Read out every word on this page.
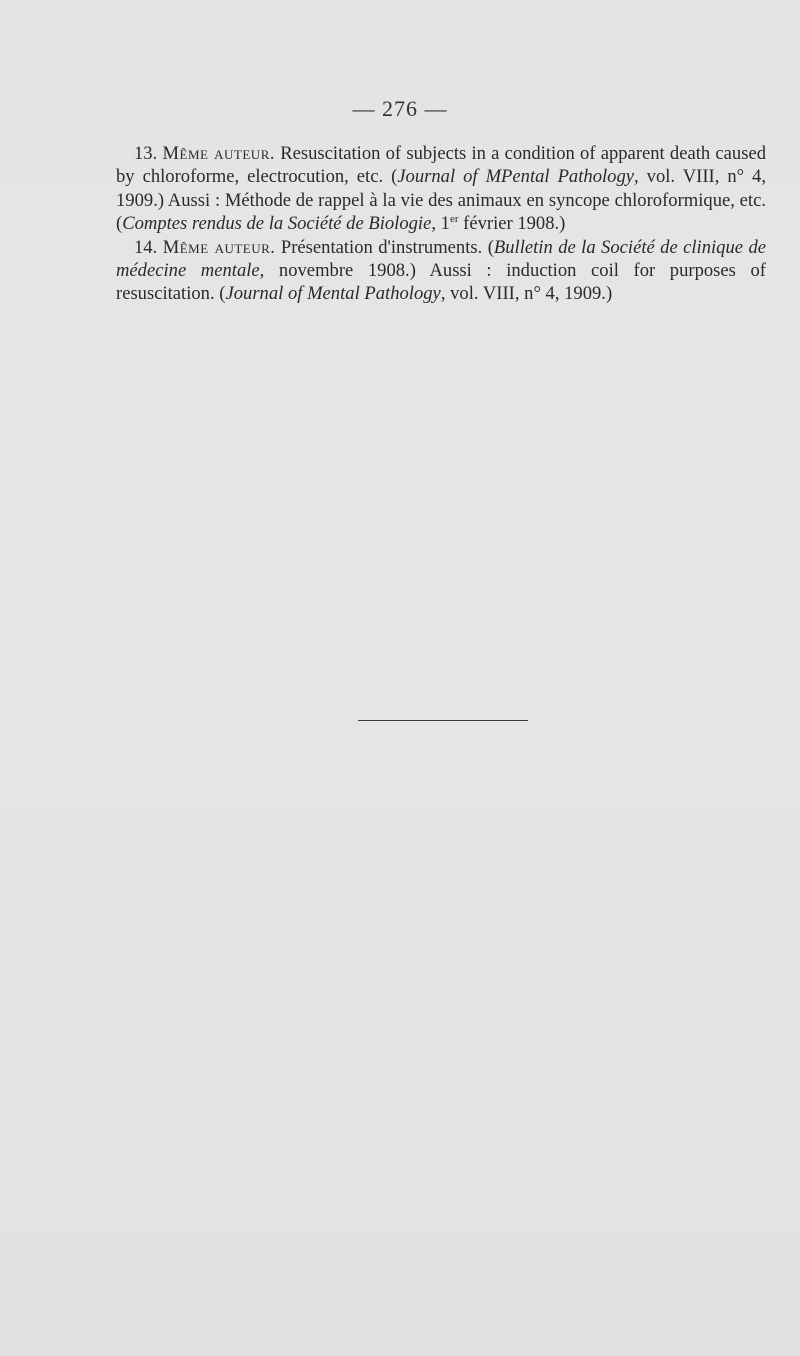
— 276 —

13. Même auteur. Resuscitation of subjects in a condition of apparent death caused by chloroforme, electrocution, etc. (Journal of MPental Pathology, vol. VIII, n° 4, 1909.) Aussi : Méthode de rappel à la vie des animaux en syncope chloroformique, etc. (Comptes rendus de la Société de Biologie, 1er février 1908.)

14. Même auteur. Présentation d'instruments. (Bulletin de la Société de clinique de médecine mentale, novembre 1908.) Aussi : induction coil for purposes of resuscitation. (Journal of Mental Pathology, vol. VIII, n° 4, 1909.)
